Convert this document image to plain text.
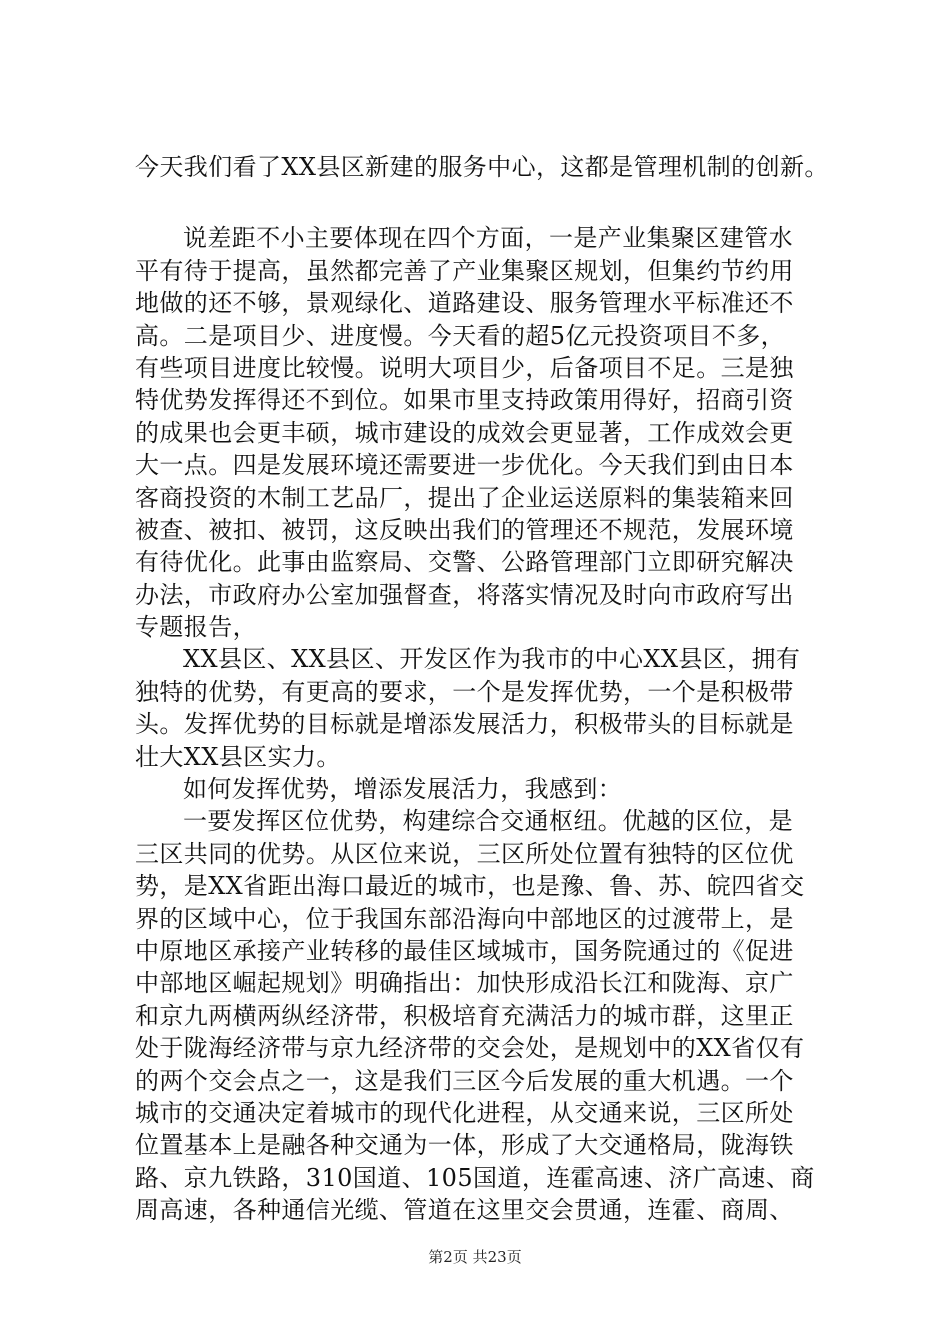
今天我们看了XX县区新建的服务中心，这都是管理机制的创新。
说差距不小主要体现在四个方面，一是产业集聚区建管水
平有待于提高，虽然都完善了产业集聚区规划，但集约节约用
地做的还不够，景观绿化、道路建设、服务管理水平标准还不
高。二是项目少、进度慢。今天看的超5亿元投资项目不多，
有些项目进度比较慢。说明大项目少，后备项目不足。三是独
特优势发挥得还不到位。如果市里支持政策用得好，招商引资
的成果也会更丰硕，城市建设的成效会更显著，工作成效会更
大一点。四是发展环境还需要进一步优化。今天我们到由日本
客商投资的木制工艺品厂，提出了企业运送原料的集装箱来回
被查、被扣、被罚，这反映出我们的管理还不规范，发展环境
有待优化。此事由监察局、交警、公路管理部门立即研究解决
办法，市政府办公室加强督查，将落实情况及时向市政府写出
专题报告，
XX县区、XX县区、开发区作为我市的中心XX县区，拥有
独特的优势，有更高的要求，一个是发挥优势，一个是积极带
头。发挥优势的目标就是增添发展活力，积极带头的目标就是
壮大XX县区实力。
如何发挥优势，增添发展活力，我感到：
一要发挥区位优势，构建综合交通枢纽。优越的区位，是
三区共同的优势。从区位来说，三区所处位置有独特的区位优
势，是XX省距出海口最近的城市，也是豫、鲁、苏、皖四省交
界的区域中心，位于我国东部沿海向中部地区的过渡带上，是
中原地区承接产业转移的最佳区域城市，国务院通过的《促进
中部地区崛起规划》明确指出：加快形成沿长江和陇海、京广
和京九两横两纵经济带，积极培育充满活力的城市群，这里正
处于陇海经济带与京九经济带的交会处，是规划中的XX省仅有
的两个交会点之一，这是我们三区今后发展的重大机遇。一个
城市的交通决定着城市的现代化进程，从交通来说，三区所处
位置基本上是融各种交通为一体，形成了大交通格局，陇海铁
路、京九铁路，310国道、105国道，连霍高速、济广高速、商
周高速，各种通信光缆、管道在这里交会贯通，连霍、商周、
第2页 共23页
